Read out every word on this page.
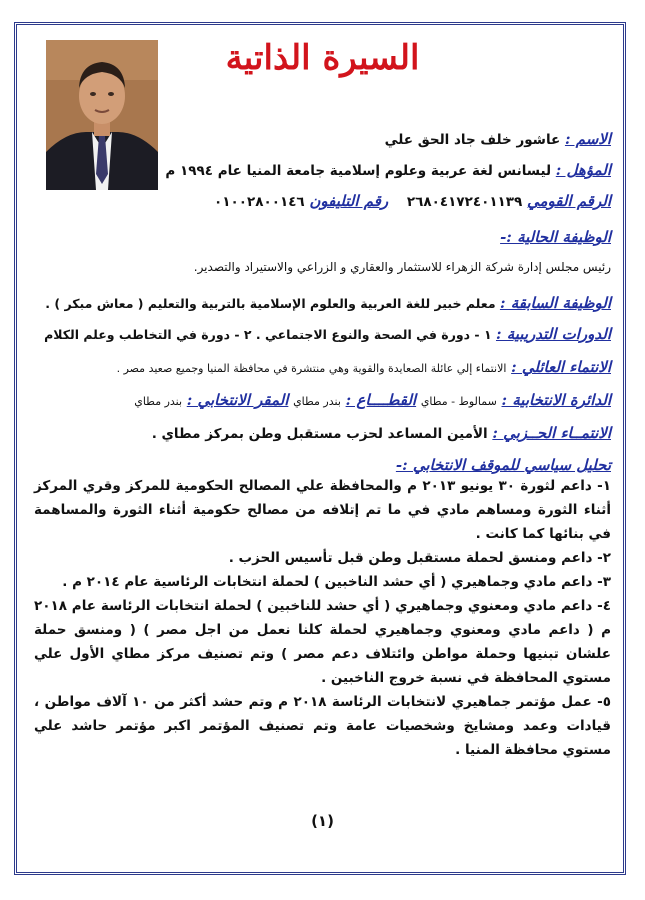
السيرة الذاتية
الاسم : عاشور خلف جاد الحق علي
المؤهل : ليسانس لغة عربية وعلوم إسلامية جامعة المنيا عام ١٩٩٤ م
الرقم القومي ٢٦٨٠٤١٧٢٤٠١١٣٩    رقم التليفون ٠١٠٠٢٨٠٠١٤٦
الوظيفة الحالية :-
رئيس مجلس إدارة شركة الزهراء للاستثمار والعقاري و الزراعي والاستيراد والتصدير.
الوظيفة السابقة : معلم خبير للغة العربية والعلوم الإسلامية بالتربية والتعليم ( معاش مبكر ) .
الدورات التدريبية : ١ - دورة في الصحة والنوع الاجتماعي . ٢ - دورة في التخاطب وعلم الكلام
الانتماء العائلي : الانتماء إلي عائلة الصعايدة والقوية وهي منتشرة في محافظة المنيا وجميع صعيد مصر .
الدائرة الانتخابية : سمالوط - مطاي القطــــاع : بندر مطاي المقر الانتخابي : بندر مطاي
الانتمــاء الحــزبي : الأمين المساعد لحزب مستقبل وطن بمركز مطاي .
تحليل سياسي للموقف الانتخابي :-

١- داعم لثورة ٣٠ يونيو ٢٠١٣ م والمحافظة علي المصالح الحكومية للمركز وقري المركز أثناء الثورة ومساهم مادي في ما تم إتلافه من مصالح حكومية أثناء الثورة والمساهمة في بنائها كما كانت .

٢- داعم ومنسق لحملة مستقبل وطن قبل تأسيس الحزب .

٣- داعم مادي وجماهيري ( أي حشد الناخبين ) لحملة انتخابات الرئاسية عام ٢٠١٤ م .

٤- داعم مادي ومعنوي وجماهيري ( أي حشد للناخبين ) لحملة انتخابات الرئاسة عام ٢٠١٨ م ( داعم مادي ومعنوي وجماهيري لحملة كلنا نعمل من اجل مصر ) ( ومنسق حملة علشان تبنيها وحملة مواطن وائتلاف دعم مصر ) وتم تصنيف مركز مطاي الأول علي مستوي المحافظة في نسبة خروج الناخبين .

٥- عمل مؤتمر جماهيري لانتخابات الرئاسة ٢٠١٨ م وتم حشد أكثر من ١٠ آلاف مواطن ، قيادات وعمد ومشايخ وشخصيات عامة وتم تصنيف المؤتمر اكبر مؤتمر حاشد علي مستوي محافظة المنيا .

(١)
